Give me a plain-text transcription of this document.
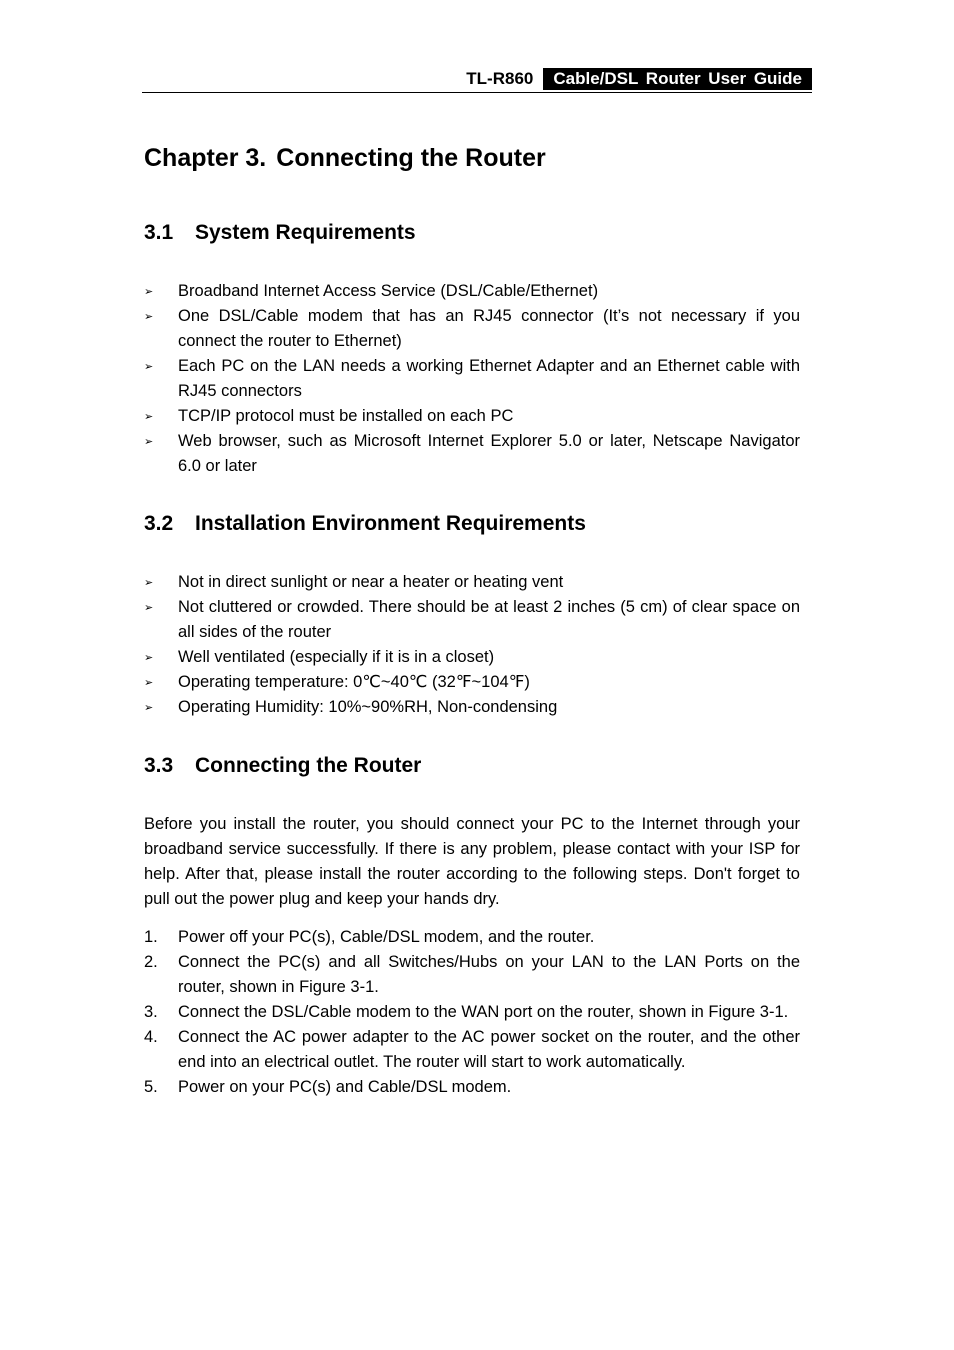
TL-R860	Cable/DSL Router User Guide
Chapter 3. Connecting the Router
3.1 System Requirements
➢ Broadband Internet Access Service (DSL/Cable/Ethernet)
➢ One DSL/Cable modem that has an RJ45 connector (It’s not necessary if you connect the router to Ethernet)
➢ Each PC on the LAN needs a working Ethernet Adapter and an Ethernet cable with RJ45 connectors
➢ TCP/IP protocol must be installed on each PC
➢ Web browser, such as Microsoft Internet Explorer 5.0 or later, Netscape Navigator 6.0 or later
3.2 Installation Environment Requirements
➢ Not in direct sunlight or near a heater or heating vent
➢ Not cluttered or crowded. There should be at least 2 inches (5 cm) of clear space on all sides of the router
➢ Well ventilated (especially if it is in a closet)
➢ Operating temperature: 0℃~40℃ (32℉~104℉)
➢ Operating Humidity: 10%~90%RH, Non-condensing
3.3 Connecting the Router

Before you install the router, you should connect your PC to the Internet through your broadband service successfully. If there is any problem, please contact with your ISP for help. After that, please install the router according to the following steps. Don't forget to pull out the power plug and keep your hands dry.

1. Power off your PC(s), Cable/DSL modem, and the router.
2. Connect the PC(s) and all Switches/Hubs on your LAN to the LAN Ports on the router, shown in Figure 3-1.
3. Connect the DSL/Cable modem to the WAN port on the router, shown in Figure 3-1.
4. Connect the AC power adapter to the AC power socket on the router, and the other end into an electrical outlet. The router will start to work automatically.
5. Power on your PC(s) and Cable/DSL modem.
